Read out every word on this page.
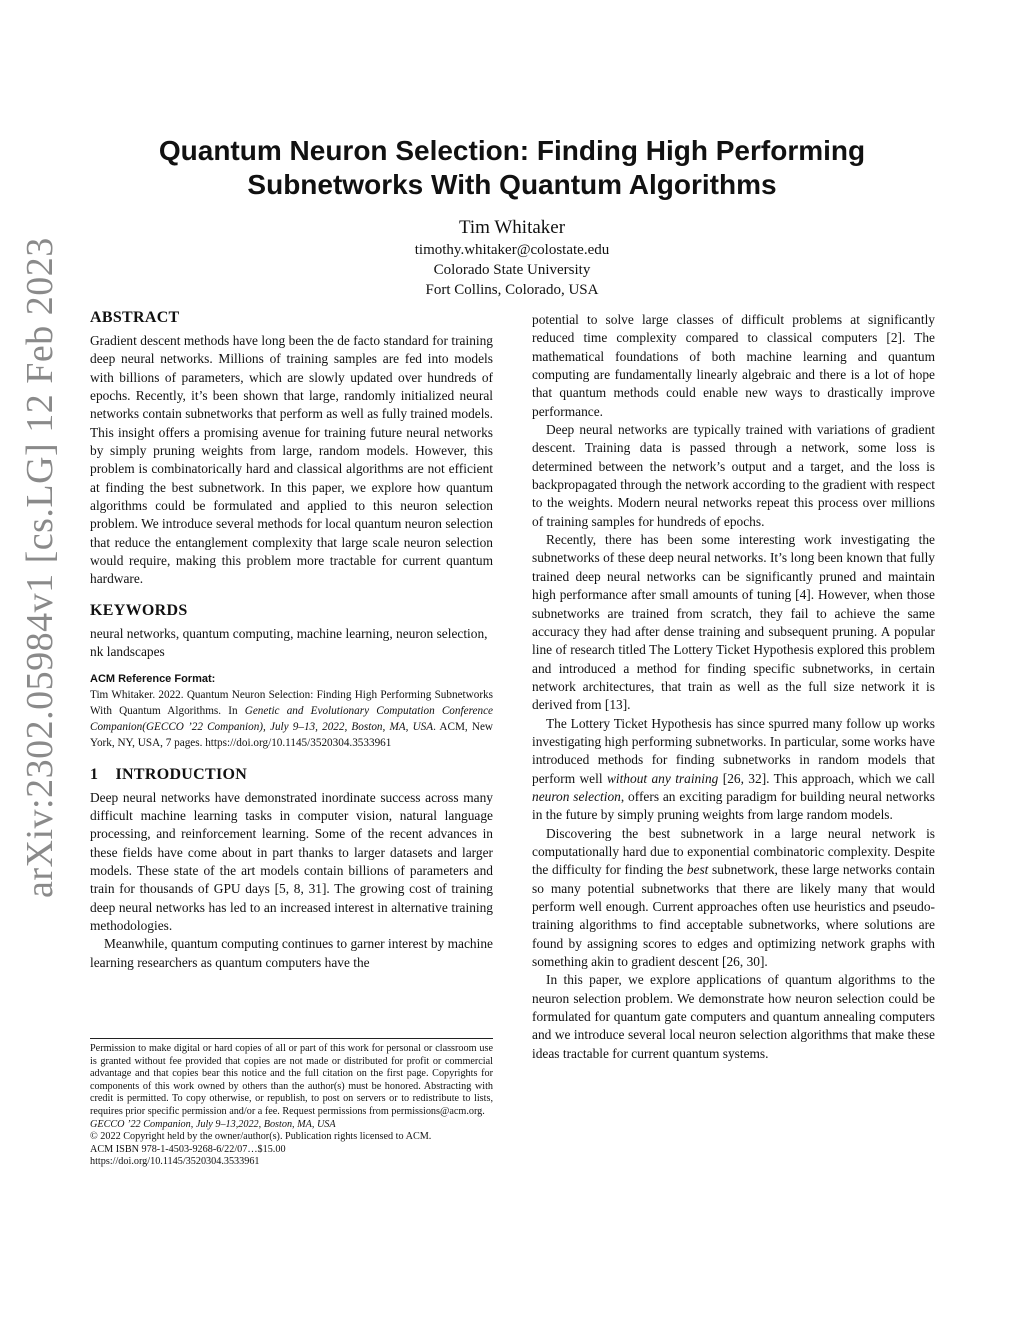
arXiv:2302.05984v1 [cs.LG] 12 Feb 2023
Quantum Neuron Selection: Finding High Performing
Subnetworks With Quantum Algorithms
Tim Whitaker
timothy.whitaker@colostate.edu
Colorado State University
Fort Collins, Colorado, USA
ABSTRACT

Gradient descent methods have long been the de facto standard for training deep neural networks. Millions of training samples are fed into models with billions of parameters, which are slowly updated over hundreds of epochs. Recently, it’s been shown that large, randomly initialized neural networks contain subnetworks that perform as well as fully trained models. This insight offers a promising avenue for training future neural networks by simply pruning weights from large, random models. However, this problem is combinatorically hard and classical algorithms are not efficient at finding the best subnetwork. In this paper, we explore how quantum algorithms could be formulated and applied to this neuron selection problem. We introduce several methods for local quantum neuron selection that reduce the entanglement complexity that large scale neuron selection would require, making this problem more tractable for current quantum hardware.

KEYWORDS

neural networks, quantum computing, machine learning, neuron selection, nk landscapes

ACM Reference Format:

Tim Whitaker. 2022. Quantum Neuron Selection: Finding High Performing Subnetworks With Quantum Algorithms. In Genetic and Evolutionary Computation Conference Companion(GECCO ’22 Companion), July 9–13, 2022, Boston, MA, USA. ACM, New York, NY, USA, 7 pages. https://doi.org/10.1145/3520304.3533961

1    INTRODUCTION

Deep neural networks have demonstrated inordinate success across many difficult machine learning tasks in computer vision, natural language processing, and reinforcement learning. Some of the recent advances in these fields have come about in part thanks to larger datasets and larger models. These state of the art models contain billions of parameters and train for thousands of GPU days [5, 8, 31]. The growing cost of training deep neural networks has led to an increased interest in alternative training methodologies.

Meanwhile, quantum computing continues to garner interest by machine learning researchers as quantum computers have the

Permission to make digital or hard copies of all or part of this work for personal or classroom use is granted without fee provided that copies are not made or distributed for profit or commercial advantage and that copies bear this notice and the full citation on the first page. Copyrights for components of this work owned by others than the author(s) must be honored. Abstracting with credit is permitted. To copy otherwise, or republish, to post on servers or to redistribute to lists, requires prior specific permission and/or a fee. Request permissions from permissions@acm.org.

GECCO ’22 Companion, July 9–13,2022, Boston, MA, USA

© 2022 Copyright held by the owner/author(s). Publication rights licensed to ACM.

ACM ISBN 978-1-4503-9268-6/22/07…$15.00

https://doi.org/10.1145/3520304.3533961

potential to solve large classes of difficult problems at significantly reduced time complexity compared to classical computers [2]. The mathematical foundations of both machine learning and quantum computing are fundamentally linearly algebraic and there is a lot of hope that quantum methods could enable new ways to drastically improve performance.

Deep neural networks are typically trained with variations of gradient descent. Training data is passed through a network, some loss is determined between the network’s output and a target, and the loss is backpropagated through the network according to the gradient with respect to the weights. Modern neural networks repeat this process over millions of training samples for hundreds of epochs.

Recently, there has been some interesting work investigating the subnetworks of these deep neural networks. It’s long been known that fully trained deep neural networks can be significantly pruned and maintain high performance after small amounts of tuning [4]. However, when those subnetworks are trained from scratch, they fail to achieve the same accuracy they had after dense training and subsequent pruning. A popular line of research titled The Lottery Ticket Hypothesis explored this problem and introduced a method for finding specific subnetworks, in certain network architectures, that train as well as the full size network it is derived from [13].

The Lottery Ticket Hypothesis has since spurred many follow up works investigating high performing subnetworks. In particular, some works have introduced methods for finding subnetworks in random models that perform well without any training [26, 32]. This approach, which we call neuron selection, offers an exciting paradigm for building neural networks in the future by simply pruning weights from large random models.

Discovering the best subnetwork in a large neural network is computationally hard due to exponential combinatoric complexity. Despite the difficulty for finding the best subnetwork, these large networks contain so many potential subnetworks that there are likely many that would perform well enough. Current approaches often use heuristics and pseudo-training algorithms to find acceptable subnetworks, where solutions are found by assigning scores to edges and optimizing network graphs with something akin to gradient descent [26, 30].

In this paper, we explore applications of quantum algorithms to the neuron selection problem. We demonstrate how neuron selection could be formulated for quantum gate computers and quantum annealing computers and we introduce several local neuron selection algorithms that make these ideas tractable for current quantum systems.
